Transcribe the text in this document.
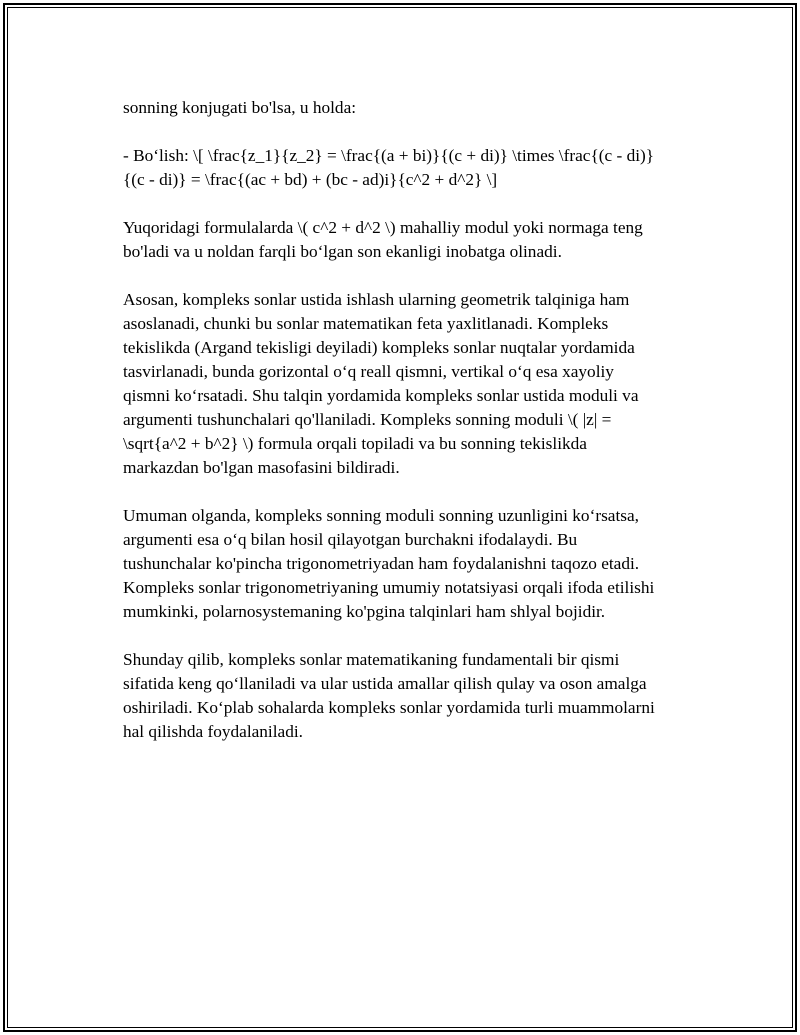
sonning konjugati bo'lsa, u holda:

- Bo‘lish: \[ \frac{z_1}{z_2} = \frac{(a + bi)}{(c + di)} \times \frac{(c - di)}
{(c - di)} = \frac{(ac + bd) + (bc - ad)i}{c^2 + d^2} \]

Yuqoridagi formulalarda \( c^2 + d^2 \) mahalliy modul yoki normaga teng
bo'ladi va u noldan farqli bo‘lgan son ekanligi inobatga olinadi.

Asosan, kompleks sonlar ustida ishlash ularning geometrik talqiniga ham
asoslanadi, chunki bu sonlar matematikan feta yaxlitlanadi. Kompleks
tekislikda (Argand tekisligi deyiladi) kompleks sonlar nuqtalar yordamida
tasvirlanadi, bunda gorizontal o‘q reall qismni, vertikal o‘q esa xayoliy
qismni ko‘rsatadi. Shu talqin yordamida kompleks sonlar ustida moduli va
argumenti tushunchalari qo'llaniladi. Kompleks sonning moduli \( |z| =
\sqrt{a^2 + b^2} \) formula orqali topiladi va bu sonning tekislikda
markazdan bo'lgan masofasini bildiradi.

Umuman olganda, kompleks sonning moduli sonning uzunligini ko‘rsatsa,
argumenti esa o‘q bilan hosil qilayotgan burchakni ifodalaydi. Bu
tushunchalar ko'pincha trigonometriyadan ham foydalanishni taqozo etadi.
Kompleks sonlar trigonometriyaning umumiy notatsiyasi orqali ifoda etilishi
mumkinki, polarnosystemaning ko'pgina talqinlari ham shlyal bojidir.

Shunday qilib, kompleks sonlar matematikaning fundamentali bir qismi
sifatida keng qo‘llaniladi va ular ustida amallar qilish qulay va oson amalga
oshiriladi. Ko‘plab sohalarda kompleks sonlar yordamida turli muammolarni
hal qilishda foydalaniladi.
